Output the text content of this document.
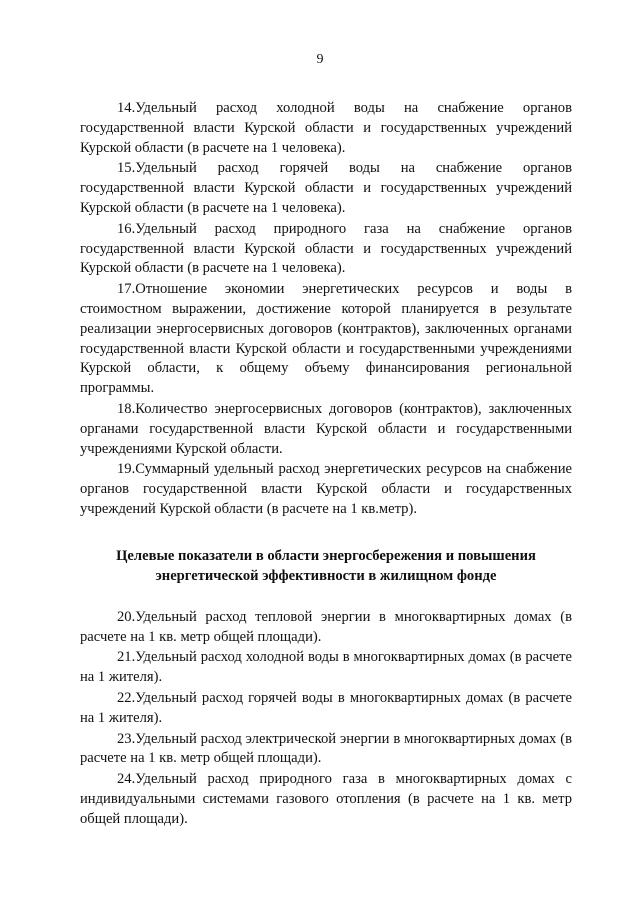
9

14.Удельный расход холодной воды на снабжение органов государственной власти Курской области и государственных учреждений Курской области (в расчете на 1 человека).

15.Удельный расход горячей воды на снабжение органов государственной власти Курской области и государственных учреждений Курской области (в расчете на 1 человека).

16.Удельный расход природного газа на снабжение органов государственной власти Курской области и государственных учреждений Курской области (в расчете на 1 человека).

17.Отношение экономии энергетических ресурсов и воды в стоимостном выражении, достижение которой планируется в результате реализации энергосервисных договоров (контрактов), заключенных органами государственной власти Курской области и государственными учреждениями Курской области, к общему объему финансирования региональной программы.

18.Количество энергосервисных договоров (контрактов), заключенных органами государственной власти Курской области и государственными учреждениями Курской области.

19.Суммарный удельный расход энергетических ресурсов на снабжение органов государственной власти Курской области и государственных учреждений Курской области (в расчете на 1 кв.метр).

Целевые показатели в области энергосбережения и повышения
энергетической эффективности в жилищном фонде

20.Удельный расход тепловой энергии в многоквартирных домах (в расчете на 1 кв. метр общей площади).

21.Удельный расход холодной воды в многоквартирных домах (в расчете на 1 жителя).

22.Удельный расход горячей воды в многоквартирных домах (в расчете на 1 жителя).

23.Удельный расход электрической энергии в многоквартирных домах (в расчете на 1 кв. метр общей площади).

24.Удельный расход природного газа в многоквартирных домах с индивидуальными системами газового отопления (в расчете на 1 кв. метр общей площади).
